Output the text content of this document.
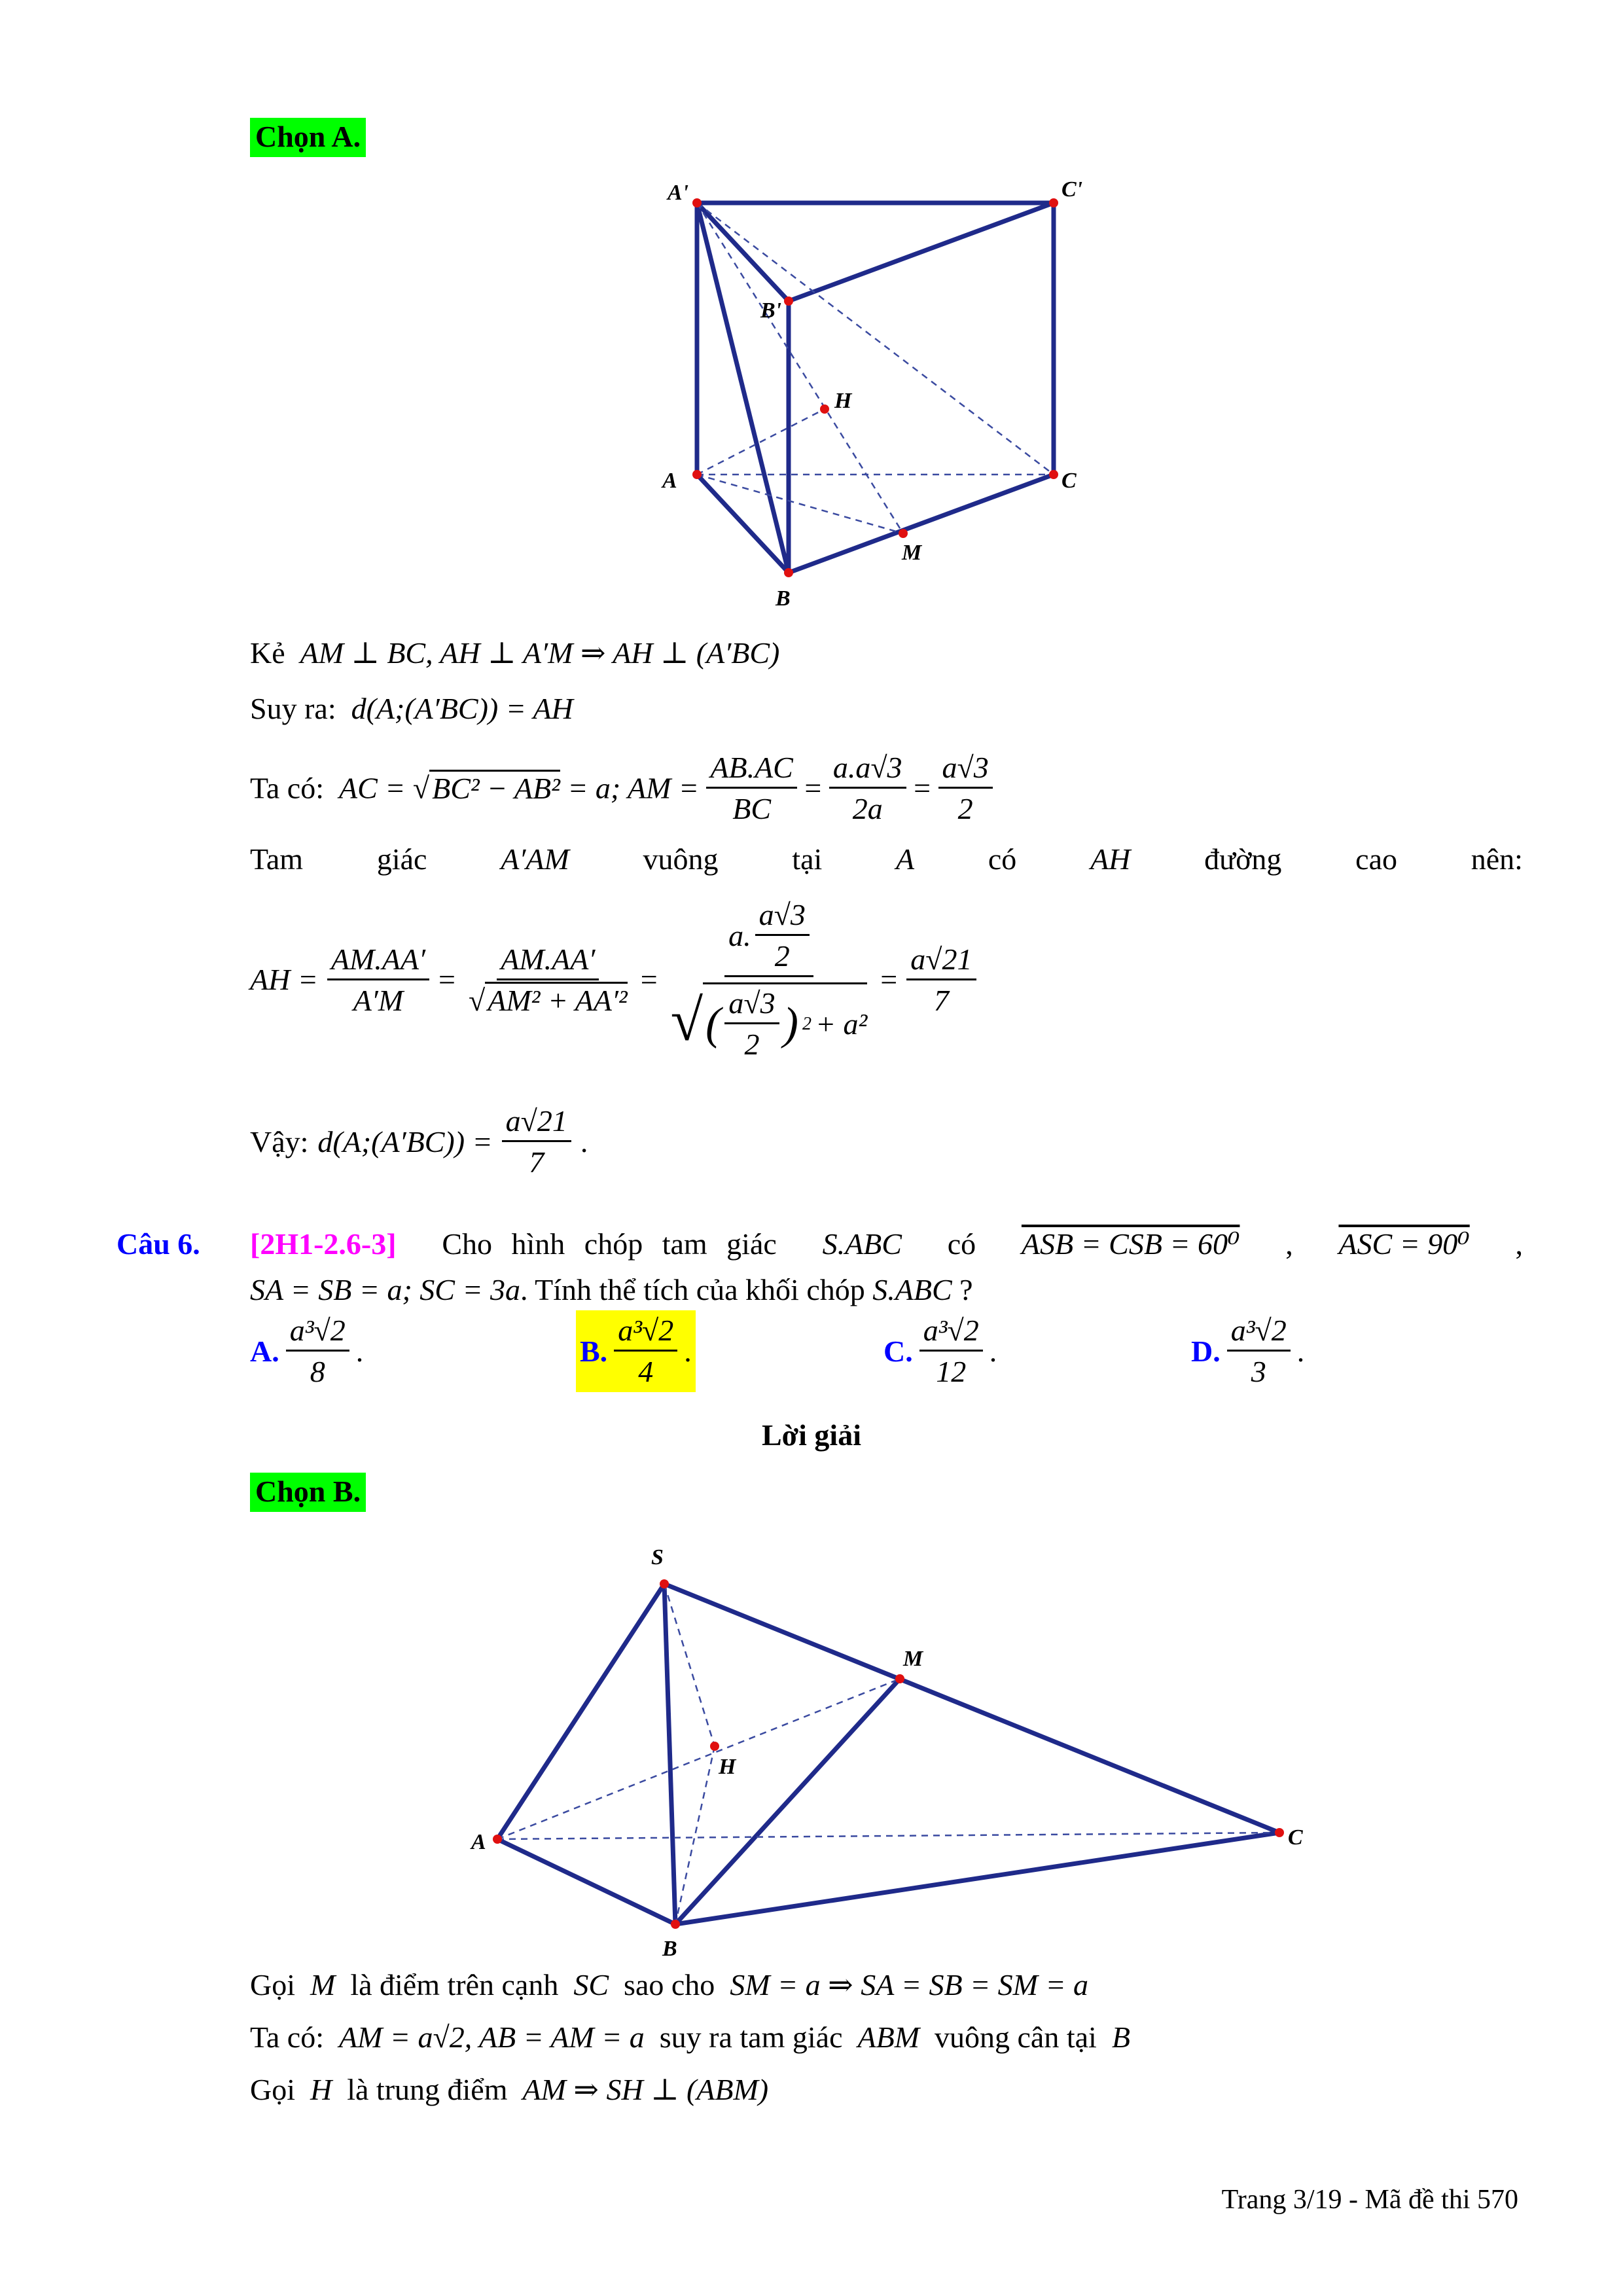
Chọn A.
A'	C'
B'
H
A	C
M
B
Kẻ AM ⊥ BC, AH ⊥ A′M ⇒ AH ⊥ (A′BC)
Suy ra: d(A;(A′BC)) = AH
Ta có: AC = √BC² − AB² = a; AM = $\frac{AB.AC}{BC} = \frac{a.a√3}{2a} = \frac{a√3}{2}$
Tam giác A′AM vuông tại A có AH đường cao nên:
AH = $\frac{AM.AA'}{A'M} = \frac{AM.AA'}{\text{√AM² + AA′²}} = \frac{a. \frac{a√3}{2}}{√ ( \frac{a√3}{2} ) 2 + a^2} = \frac{a√21}{7}$
Vậy: d(A;(A′BC)) = $\frac{a√21}{7}$ .
Câu 6. [2H1-2.6-3] Cho hình chóp tam giác S.ABC có ASB = CSB = 60⁰ , ASC = 90⁰ ,
SA = SB = a; SC = 3a. Tính thể tích của khối chóp S.ABC ?
A. $\frac{\text{a³√2}}{8}$ .	B. $\frac{\text{a³√2}}{4}$ .	C. $\frac{\text{a³√2}}{12}$ .	D. $\frac{\text{a³√2}}{3}$ .
Lời giải
Chọn B.
S
M
H
A	C
B
Gọi M là điểm trên cạnh SC sao cho SM = a ⇒ SA = SB = SM = a
Ta có: AM = a√2, AB = AM = a suy ra tam giác ABM vuông cân tại B
Gọi H là trung điểm AM ⇒ SH ⊥ (ABM)
Trang 3/19 - Mã đề thi 570
